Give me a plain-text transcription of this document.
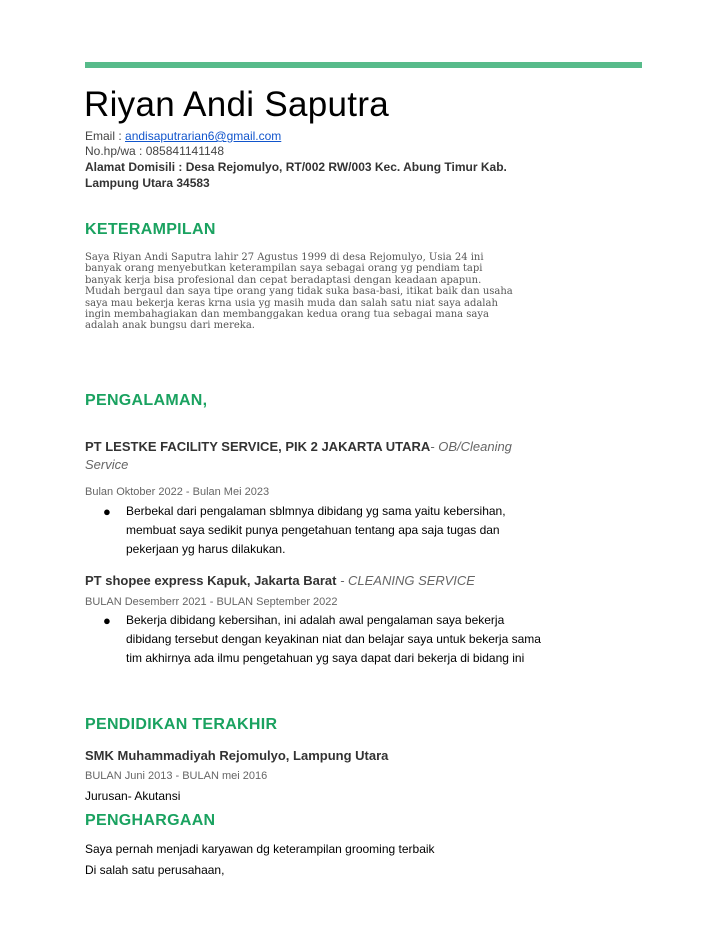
Riyan Andi Saputra
Email : andisaputrarian6@gmail.com
No.hp/wa : 085841141148
Alamat Domisili : Desa Rejomulyo, RT/002 RW/003 Kec. Abung Timur Kab. Lampung Utara 34583
KETERAMPILAN
Saya Riyan Andi Saputra lahir 27 Agustus 1999 di desa Rejomulyo, Usia 24 ini banyak orang menyebutkan keterampilan saya sebagai orang yg pendiam tapi banyak kerja bisa profesional dan cepat beradaptasi dengan keadaan apapun. Mudah bergaul dan saya tipe orang yang tidak suka basa-basi, itikat baik dan usaha saya mau bekerja keras krna usia yg masih muda dan salah satu niat saya adalah ingin membahagiakan dan membanggakan kedua orang tua sebagai mana saya adalah anak bungsu dari mereka.
PENGALAMAN,
PT LESTKE FACILITY SERVICE, PIK 2 JAKARTA UTARA- OB/Cleaning Service
Bulan Oktober 2022 - Bulan Mei 2023
● Berbekal dari pengalaman sblmnya dibidang yg sama yaitu kebersihan, membuat saya sedikit punya pengetahuan tentang apa saja tugas dan pekerjaan yg harus dilakukan.
PT shopee express Kapuk, Jakarta Barat - CLEANING SERVICE
BULAN Desemberr 2021 - BULAN September 2022
● Bekerja dibidang kebersihan, ini adalah awal pengalaman saya bekerja dibidang tersebut dengan keyakinan niat dan belajar saya untuk bekerja sama tim akhirnya ada ilmu pengetahuan yg saya dapat dari bekerja di bidang ini
PENDIDIKAN TERAKHIR
SMK Muhammadiyah Rejomulyo, Lampung Utara
BULAN Juni 2013 - BULAN mei 2016
Jurusan- Akutansi
PENGHARGAAN
Saya pernah menjadi karyawan dg keterampilan grooming terbaik
Di salah satu perusahaan,
